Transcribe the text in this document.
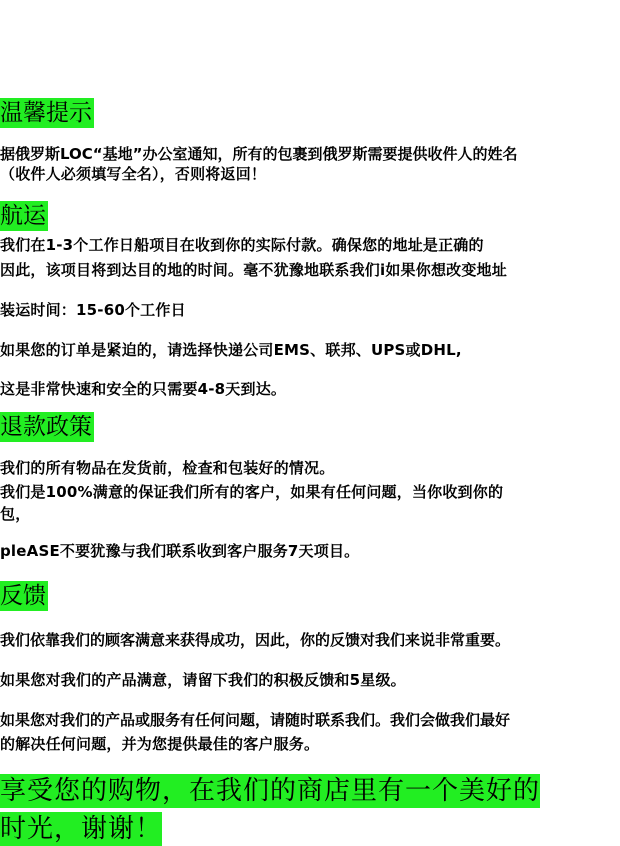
温馨提示
据俄罗斯LOC“基地”办公室通知，所有的包裹到俄罗斯需要提供收件人的姓名
（收件人必须填写全名），否则将返回！
航运
我们在1-3个工作日船项目在收到你的实际付款。确保您的地址是正确的
因此，该项目将到达目的地的时间。毫不犹豫地联系我们i如果你想改变地址
装运时间：15-60个工作日
如果您的订单是紧迫的，请选择快递公司EMS、联邦、UPS或DHL,
这是非常快速和安全的只需要4-8天到达。
退款政策
我们的所有物品在发货前，检查和包装好的情况。
我们是100%满意的保证我们所有的客户，如果有任何问题，当你收到你的
包，
pleASE不要犹豫与我们联系收到客户服务7天项目。
反馈
我们依靠我们的顾客满意来获得成功，因此，你的反馈对我们来说非常重要。
如果您对我们的产品满意，请留下我们的积极反馈和5星级。
如果您对我们的产品或服务有任何问题，请随时联系我们。我们会做我们最好
的解决任何问题，并为您提供最佳的客户服务。
享受您的购物，在我们的商店里有一个美好的
时光，谢谢！
